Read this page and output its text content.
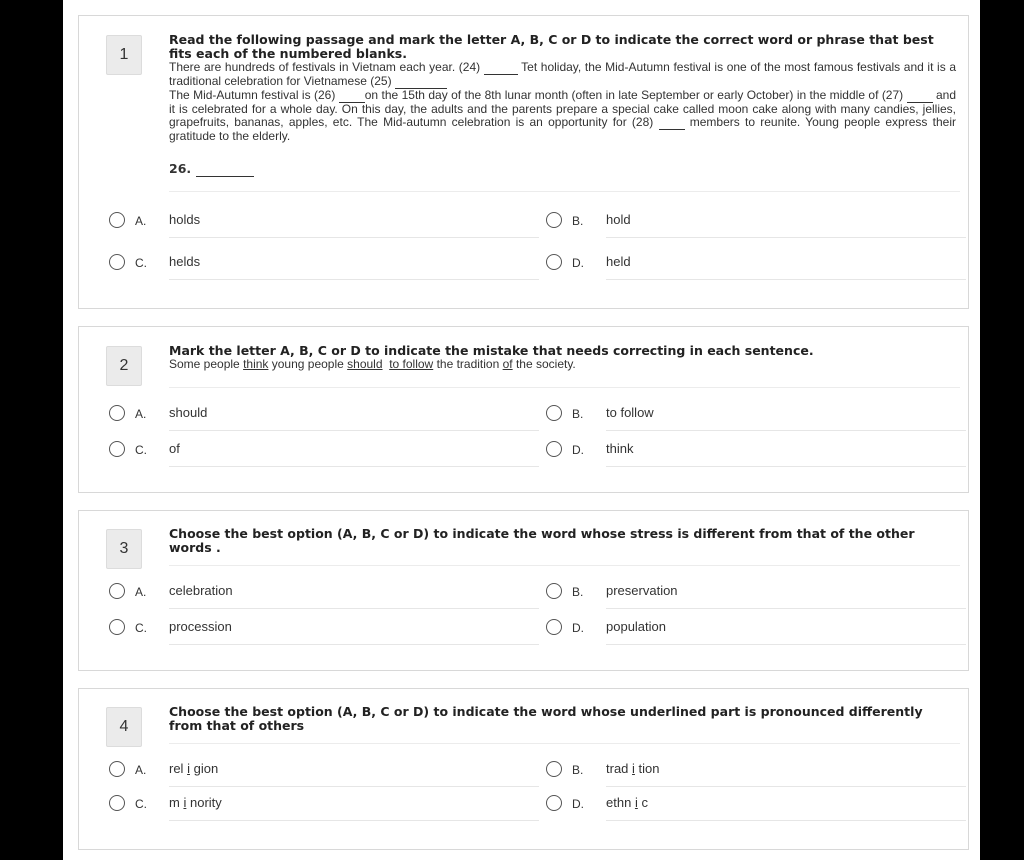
1
Read the following passage and mark the letter A, B, C or D to indicate the correct word or phrase that best fits each of the numbered blanks.
There are hundreds of festivals in Vietnam each year. (24)	Tet holiday, the Mid-Autumn festival is one of the most famous festivals and it is a traditional celebration for Vietnamese (25)
The Mid-Autumn festival is (26)  on the 15th day of the 8th lunar month (often in late September or early October) in the middle of (27)   and it is celebrated for a whole day. On this day, the adults and the parents prepare a special cake called moon cake along with many candies, jellies, grapefruits, bananas, apples, etc. The Mid-autumn celebration is an opportunity for (28)   members to reunite. Young people express their gratitude to the elderly.
26.
A. holds	B. hold
C. helds	D. held
2
Mark the letter A, B, C or D to indicate the mistake that needs correcting in each sentence.
Some people think young people should to follow the tradition of the society.
A. should	B. to follow
C. of	D. think
3
Choose the best option (A, B, C or D) to indicate the word whose stress is different from that of the other words .
A. celebration	B. preservation
C. procession	D. population
4
Choose the best option (A, B, C or D) to indicate the word whose underlined part is pronounced differently from that of others
A. rel i gion	B. trad i tion
C. m i nority	D. ethn i c
